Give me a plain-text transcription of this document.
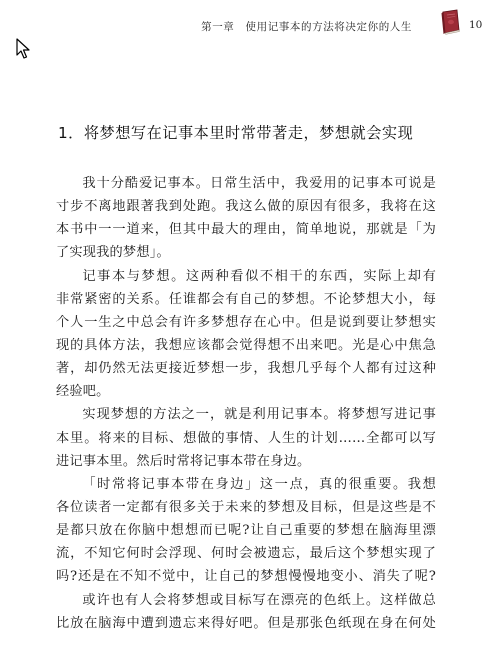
第一章　使用记事本的方法将决定你的人生	10
1．将梦想写在记事本里时常带著走，梦想就会实现
我十分酷爱记事本。日常生活中，我爱用的记事本可说是
寸步不离地跟著我到处跑。我这么做的原因有很多，我将在这
本书中一一道来，但其中最大的理由，简单地说，那就是「为
了实现我的梦想」。
记事本与梦想。这两种看似不相干的东西，实际上却有
非常紧密的关系。任谁都会有自己的梦想。不论梦想大小，每
个人一生之中总会有许多梦想存在心中。但是说到要让梦想实
现的具体方法，我想应该都会觉得想不出来吧。光是心中焦急
著，却仍然无法更接近梦想一步，我想几乎每个人都有过这种
经验吧。
实现梦想的方法之一，就是利用记事本。将梦想写进记事
本里。将来的目标、想做的事情、人生的计划……全都可以写
进记事本里。然后时常将记事本带在身边。
「时常将记事本带在身边」这一点，真的很重要。我想
各位读者一定都有很多关于未来的梦想及目标，但是这些是不
是都只放在你脑中想想而已呢?让自己重要的梦想在脑海里漂
流，不知它何时会浮现、何时会被遗忘，最后这个梦想实现了
吗?还是在不知不觉中，让自己的梦想慢慢地变小、消失了呢?
或许也有人会将梦想或目标写在漂亮的色纸上。这样做总
比放在脑海中遭到遗忘来得好吧。但是那张色纸现在身在何处
